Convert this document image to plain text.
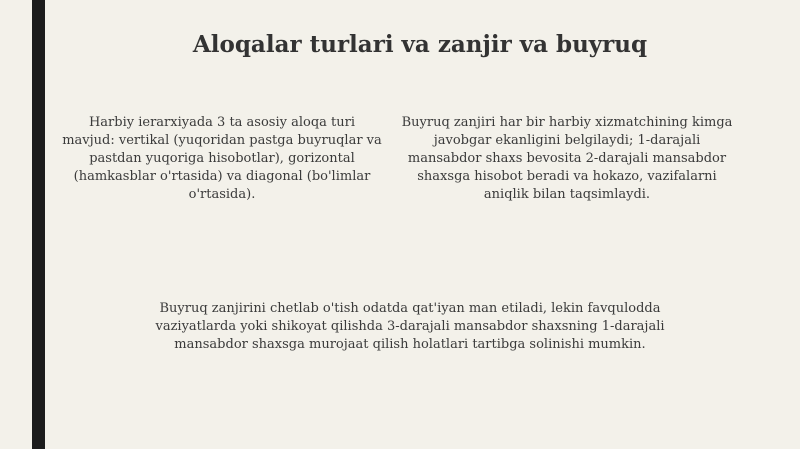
Aloqalar turlari va zanjir va buyruq

Harbiy ierarxiyada 3 ta asosiy aloqa turi mavjud: vertikal (yuqoridan pastga buyruqlar va pastdan yuqoriga hisobotlar), gorizontal (hamkasblar o'rtasida) va diagonal (bo'limlar o'rtasida).

Buyruq zanjiri har bir harbiy xizmatchining kimga javobgar ekanligini belgilaydi; 1-darajali mansabdor shaxs bevosita 2-darajali mansabdor shaxsga hisobot beradi va hokazo, vazifalarni aniqlik bilan taqsimlaydi.

Buyruq zanjirini chetlab o'tish odatda qat'iyan man etiladi, lekin favqulodda vaziyatlarda yoki shikoyat qilishda 3-darajali mansabdor shaxsning 1-darajali mansabdor shaxsga murojaat qilish holatlari tartibga solinishi mumkin.
